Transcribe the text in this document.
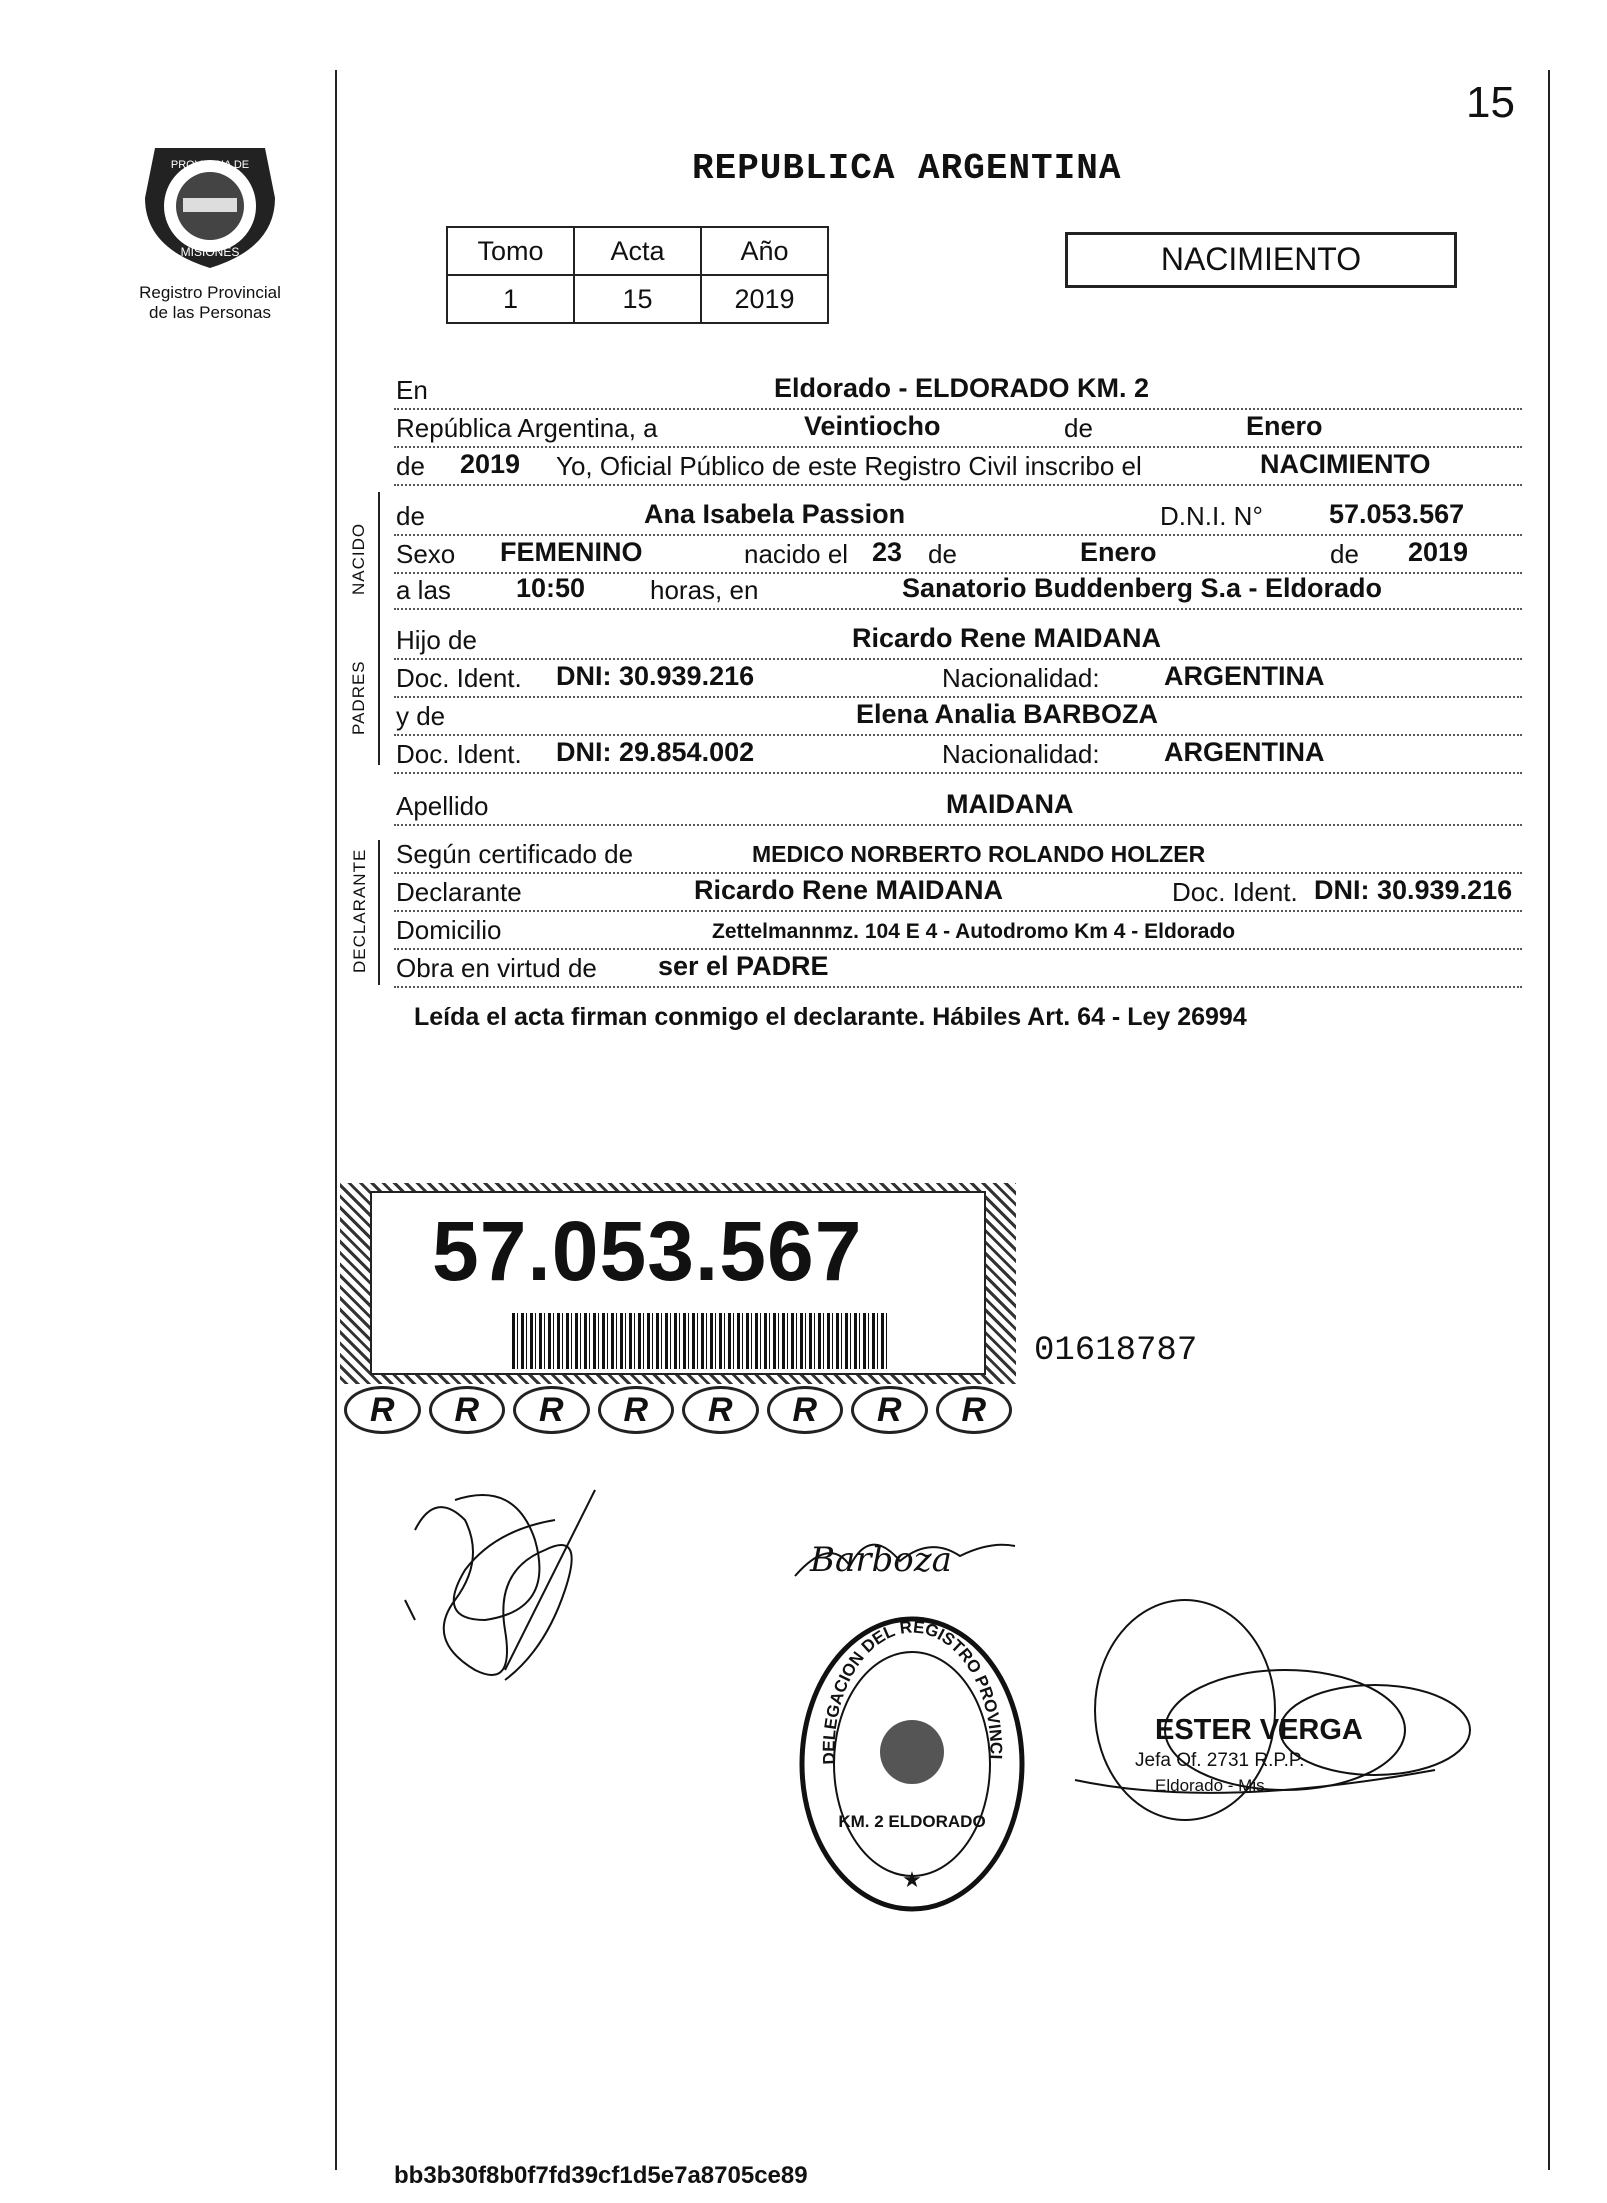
15
PROVINCIA DE
MISIONES
Registro Provincial
de las Personas
REPUBLICA ARGENTINA
Tomo	Acta	Año
1	15	2019
NACIMIENTO
NACIDO
PADRES
DECLARANTE
En	Eldorado - ELDORADO KM. 2
República Argentina, a	Veintiocho	de	Enero
de 2019 Yo, Oficial Público de este Registro Civil inscribo el	NACIMIENTO
de	Ana Isabela Passion	D.N.I. N° 57.053.567
Sexo FEMENINO	nacido el 23 de	Enero	de 2019
a las 10:50 horas, en	Sanatorio Buddenberg S.a - Eldorado
Hijo de	Ricardo Rene MAIDANA
Doc. Ident. DNI: 30.939.216	Nacionalidad: ARGENTINA
y de	Elena Analia BARBOZA
Doc. Ident. DNI: 29.854.002	Nacionalidad: ARGENTINA
Apellido	MAIDANA
Según certificado de	MEDICO NORBERTO ROLANDO HOLZER
Declarante	Ricardo Rene MAIDANA	Doc. Ident. DNI: 30.939.216
Domicilio	Zettelmannmz. 104 E 4 - Autodromo Km 4 - Eldorado
Obra en virtud de ser el PADRE
Leída el acta firman conmigo el declarante. Hábiles Art. 64 - Ley 26994
57.053.567
R	R	R	R	R	R	R	R
01618787
Barboza
DELEGACION DEL REGISTRO PROVINCI
KM. 2 ELDORADO
★
ESTER VERGA
Jefa Of. 2731 R.P.P.
Eldorado - Mis.
bb3b30f8b0f7fd39cf1d5e7a8705ce89
